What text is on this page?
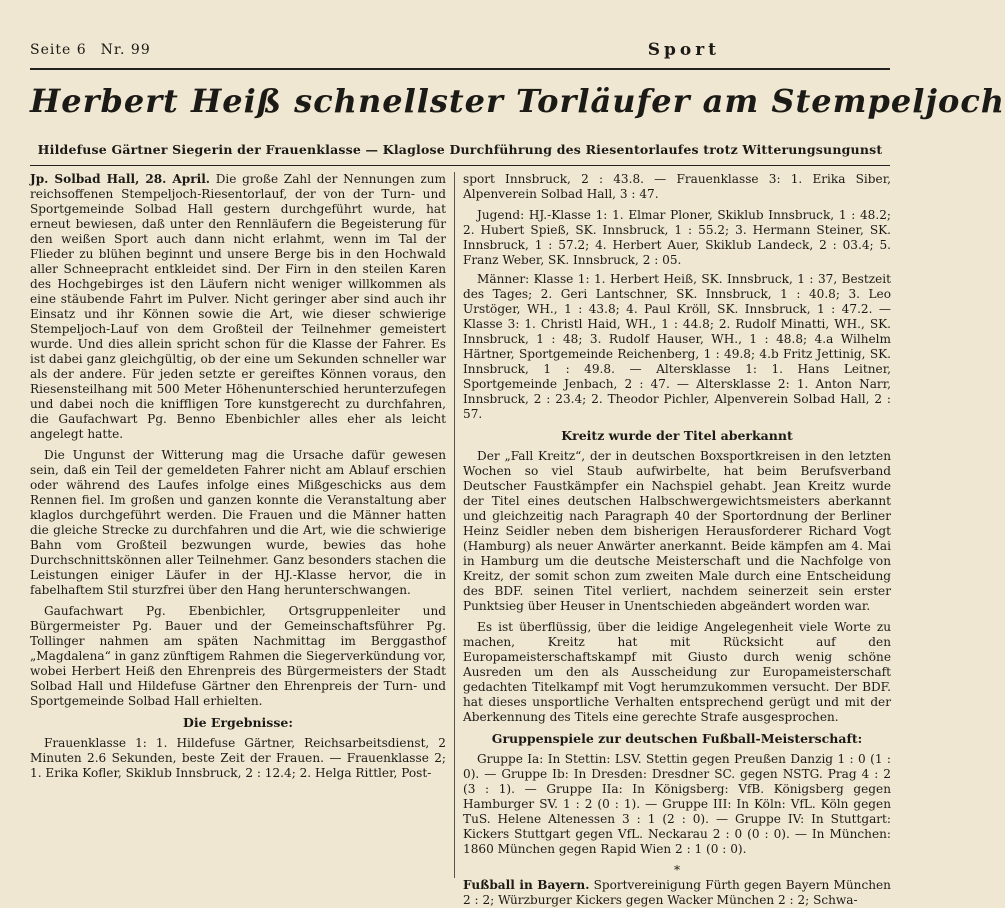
Seite 6 Nr. 99	Sport
Herbert Heiß schnellster Torläufer am Stempeljoch
Hildefuse Gärtner Siegerin der Frauenklasse — Klaglose Durchführung des Riesentorlaufes trotz Witterungsungunst

Jp. Solbad Hall, 28. April. Die große Zahl der Nennungen zum reichsoffenen Stempeljoch-Riesentorlauf, der von der Turn- und Sportgemeinde Solbad Hall gestern durchgeführt wurde, hat erneut bewiesen, daß unter den Rennläufern die Begeisterung für den weißen Sport auch dann nicht erlahmt, wenn im Tal der Flieder zu blühen beginnt und unsere Berge bis in den Hochwald aller Schneepracht entkleidet sind. Der Firn in den steilen Karen des Hochgebirges ist den Läufern nicht weniger willkommen als eine stäubende Fahrt im Pulver. Nicht geringer aber sind auch ihr Einsatz und ihr Können sowie die Art, wie dieser schwierige Stempeljoch-Lauf von dem Großteil der Teilnehmer gemeistert wurde. Und dies allein spricht schon für die Klasse der Fahrer. Es ist dabei ganz gleichgültig, ob der eine um Sekunden schneller war als der andere. Für jeden setzte er gereiftes Können voraus, den Riesensteilhang mit 500 Meter Höhenunterschied herunterzufegen und dabei noch die kniffligen Tore kunstgerecht zu durchfahren, die Gaufachwart Pg. Benno Ebenbichler alles eher als leicht angelegt hatte.

Die Ungunst der Witterung mag die Ursache dafür gewesen sein, daß ein Teil der gemeldeten Fahrer nicht am Ablauf erschien oder während des Laufes infolge eines Mißgeschicks aus dem Rennen fiel. Im großen und ganzen konnte die Veranstaltung aber klaglos durchgeführt werden. Die Frauen und die Männer hatten die gleiche Strecke zu durchfahren und die Art, wie die schwierige Bahn vom Großteil bezwungen wurde, bewies das hohe Durchschnittskönnen aller Teilnehmer. Ganz besonders stachen die Leistungen einiger Läufer in der HJ.-Klasse hervor, die in fabelhaftem Stil sturzfrei über den Hang herunterschwangen.

Gaufachwart Pg. Ebenbichler, Ortsgruppenleiter und Bürgermeister Pg. Bauer und der Gemeinschaftsführer Pg. Tollinger nahmen am späten Nachmittag im Berggasthof „Magdalena“ in ganz zünftigem Rahmen die Siegerverkündung vor, wobei Herbert Heiß den Ehrenpreis des Bürgermeisters der Stadt Solbad Hall und Hildefuse Gärtner den Ehrenpreis der Turn- und Sportgemeinde Solbad Hall erhielten.

Die Ergebnisse:

Frauenklasse 1: 1. Hildefuse Gärtner, Reichsarbeitsdienst, 2 Minuten 2.6 Sekunden, beste Zeit der Frauen. — Frauenklasse 2; 1. Erika Kofler, Skiklub Innsbruck, 2 : 12.4; 2. Helga Rittler, Post-

sport Innsbruck, 2 : 43.8. — Frauenklasse 3: 1. Erika Siber, Alpenverein Solbad Hall, 3 : 47.

Jugend: HJ.-Klasse 1: 1. Elmar Ploner, Skiklub Innsbruck, 1 : 48.2; 2. Hubert Spieß, SK. Innsbruck, 1 : 55.2; 3. Hermann Steiner, SK. Innsbruck, 1 : 57.2; 4. Herbert Auer, Skiklub Landeck, 2 : 03.4; 5. Franz Weber, SK. Innsbruck, 2 : 05.

Männer: Klasse 1: 1. Herbert Heiß, SK. Innsbruck, 1 : 37, Bestzeit des Tages; 2. Geri Lantschner, SK. Innsbruck, 1 : 40.8; 3. Leo Urstöger, WH., 1 : 43.8; 4. Paul Kröll, SK. Innsbruck, 1 : 47.2. — Klasse 3: 1. Christl Haid, WH., 1 : 44.8; 2. Rudolf Minatti, WH., SK. Innsbruck, 1 : 48; 3. Rudolf Hauser, WH., 1 : 48.8; 4.a Wilhelm Härtner, Sportgemeinde Reichenberg, 1 : 49.8; 4.b Fritz Jettinig, SK. Innsbruck, 1 : 49.8. — Altersklasse 1: 1. Hans Leitner, Sportgemeinde Jenbach, 2 : 47. — Altersklasse 2: 1. Anton Narr, Innsbruck, 2 : 23.4; 2. Theodor Pichler, Alpenverein Solbad Hall, 2 : 57.

Kreitz wurde der Titel aberkannt

Der „Fall Kreitz“, der in deutschen Boxsportkreisen in den letzten Wochen so viel Staub aufwirbelte, hat beim Berufsverband Deutscher Faustkämpfer ein Nachspiel gehabt. Jean Kreitz wurde der Titel eines deutschen Halbschwergewichtsmeisters aberkannt und gleichzeitig nach Paragraph 40 der Sportordnung der Berliner Heinz Seidler neben dem bisherigen Herausforderer Richard Vogt (Hamburg) als neuer Anwärter anerkannt. Beide kämpfen am 4. Mai in Hamburg um die deutsche Meisterschaft und die Nachfolge von Kreitz, der somit schon zum zweiten Male durch eine Entscheidung des BDF. seinen Titel verliert, nachdem seinerzeit sein erster Punktsieg über Heuser in Unentschieden abgeändert worden war.

Es ist überflüssig, über die leidige Angelegenheit viele Worte zu machen, Kreitz hat mit Rücksicht auf den Europameisterschaftskampf mit Giusto durch wenig schöne Ausreden um den als Ausscheidung zur Europameisterschaft gedachten Titelkampf mit Vogt herumzukommen versucht. Der BDF. hat dieses unsportliche Verhalten entsprechend gerügt und mit der Aberkennung des Titels eine gerechte Strafe ausgesprochen.

Gruppenspiele zur deutschen Fußball-Meisterschaft:

Gruppe Ia: In Stettin: LSV. Stettin gegen Preußen Danzig 1 : 0 (1 : 0). — Gruppe Ib: In Dresden: Dresdner SC. gegen NSTG. Prag 4 : 2 (3 : 1). — Gruppe IIa: In Königsberg: VfB. Königsberg gegen Hamburger SV. 1 : 2 (0 : 1). — Gruppe III: In Köln: VfL. Köln gegen TuS. Helene Altenessen 3 : 1 (2 : 0). — Gruppe IV: In Stuttgart: Kickers Stuttgart gegen VfL. Neckarau 2 : 0 (0 : 0). — In München: 1860 München gegen Rapid Wien 2 : 1 (0 : 0).

*

Fußball in Bayern. Sportvereinigung Fürth gegen Bayern München 2 : 2; Würzburger Kickers gegen Wacker München 2 : 2; Schwa-
